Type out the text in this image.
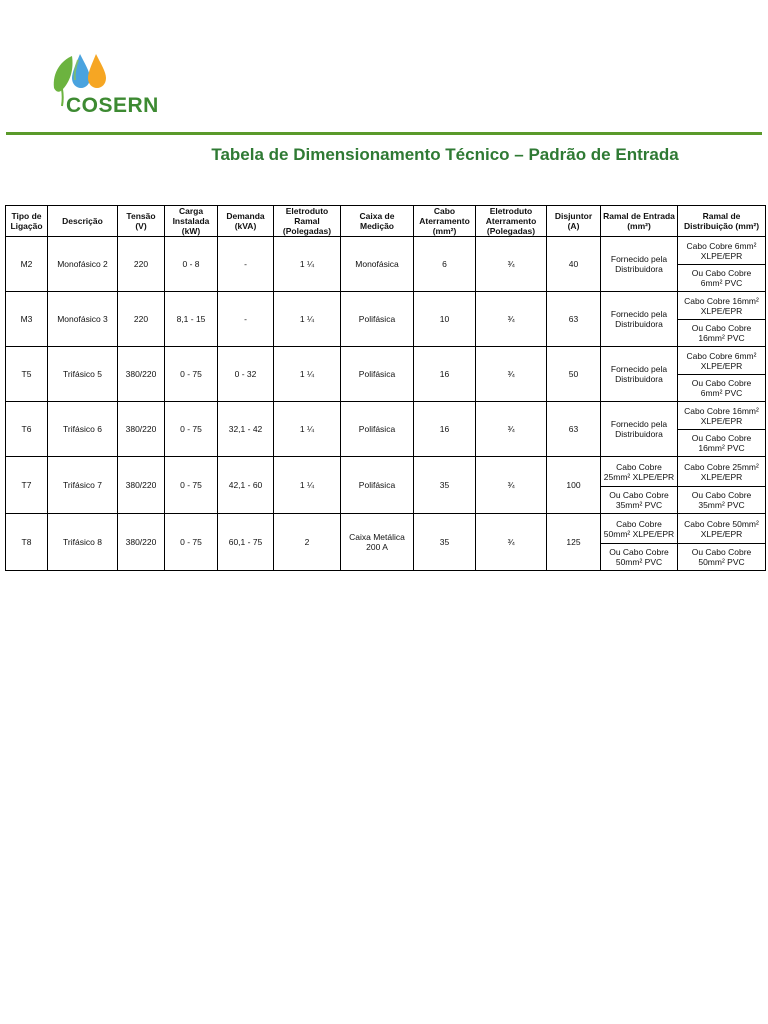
COSERN
Tabela de Dimensionamento Técnico – Padrão de Entrada
Tipo de Ligação	Descrição	Tensão (V)	Carga Instalada (kW)	Demanda (kVA)	Eletroduto Ramal (Polegadas)	Caixa de Medição	Cabo Aterramento (mm²)	Eletroduto Aterramento (Polegadas)	Disjuntor (A)	Ramal de Entrada (mm²)	Ramal de Distribuição (mm²)
M2	Monofásico 2	220	0 - 8	-	1 ¼	Monofásica	6	¾	40	Fornecido pela Distribuidora	Cabo Cobre 6mm² XLPE/EPR
											Ou Cabo Cobre 6mm² PVC
M3	Monofásico 3	220	8,1 - 15	-	1 ¼	Polifásica	10	¾	63	Fornecido pela Distribuidora	Cabo Cobre 16mm² XLPE/EPR
											Ou Cabo Cobre 16mm² PVC
T5	Trifásico 5	380/220	0 - 75	0 - 32	1 ¼	Polifásica	16	¾	50	Fornecido pela Distribuidora	Cabo Cobre 6mm² XLPE/EPR
											Ou Cabo Cobre 6mm² PVC
T6	Trifásico 6	380/220	0 - 75	32,1 - 42	1 ¼	Polifásica	16	¾	63	Fornecido pela Distribuidora	Cabo Cobre 16mm² XLPE/EPR
											Ou Cabo Cobre 16mm² PVC
T7	Trifásico 7	380/220	0 - 75	42,1 - 60	1 ¼	Polifásica	35	¾	100	Cabo Cobre 25mm² XLPE/EPR	Cabo Cobre 25mm² XLPE/EPR
										Ou Cabo Cobre 35mm² PVC	Ou Cabo Cobre 35mm² PVC
T8	Trifásico 8	380/220	0 - 75	60,1 - 75	2	Caixa Metálica 200 A	35	¾	125	Cabo Cobre 50mm² XLPE/EPR	Cabo Cobre 50mm² XLPE/EPR
										Ou Cabo Cobre 50mm² PVC	Ou Cabo Cobre 50mm² PVC
